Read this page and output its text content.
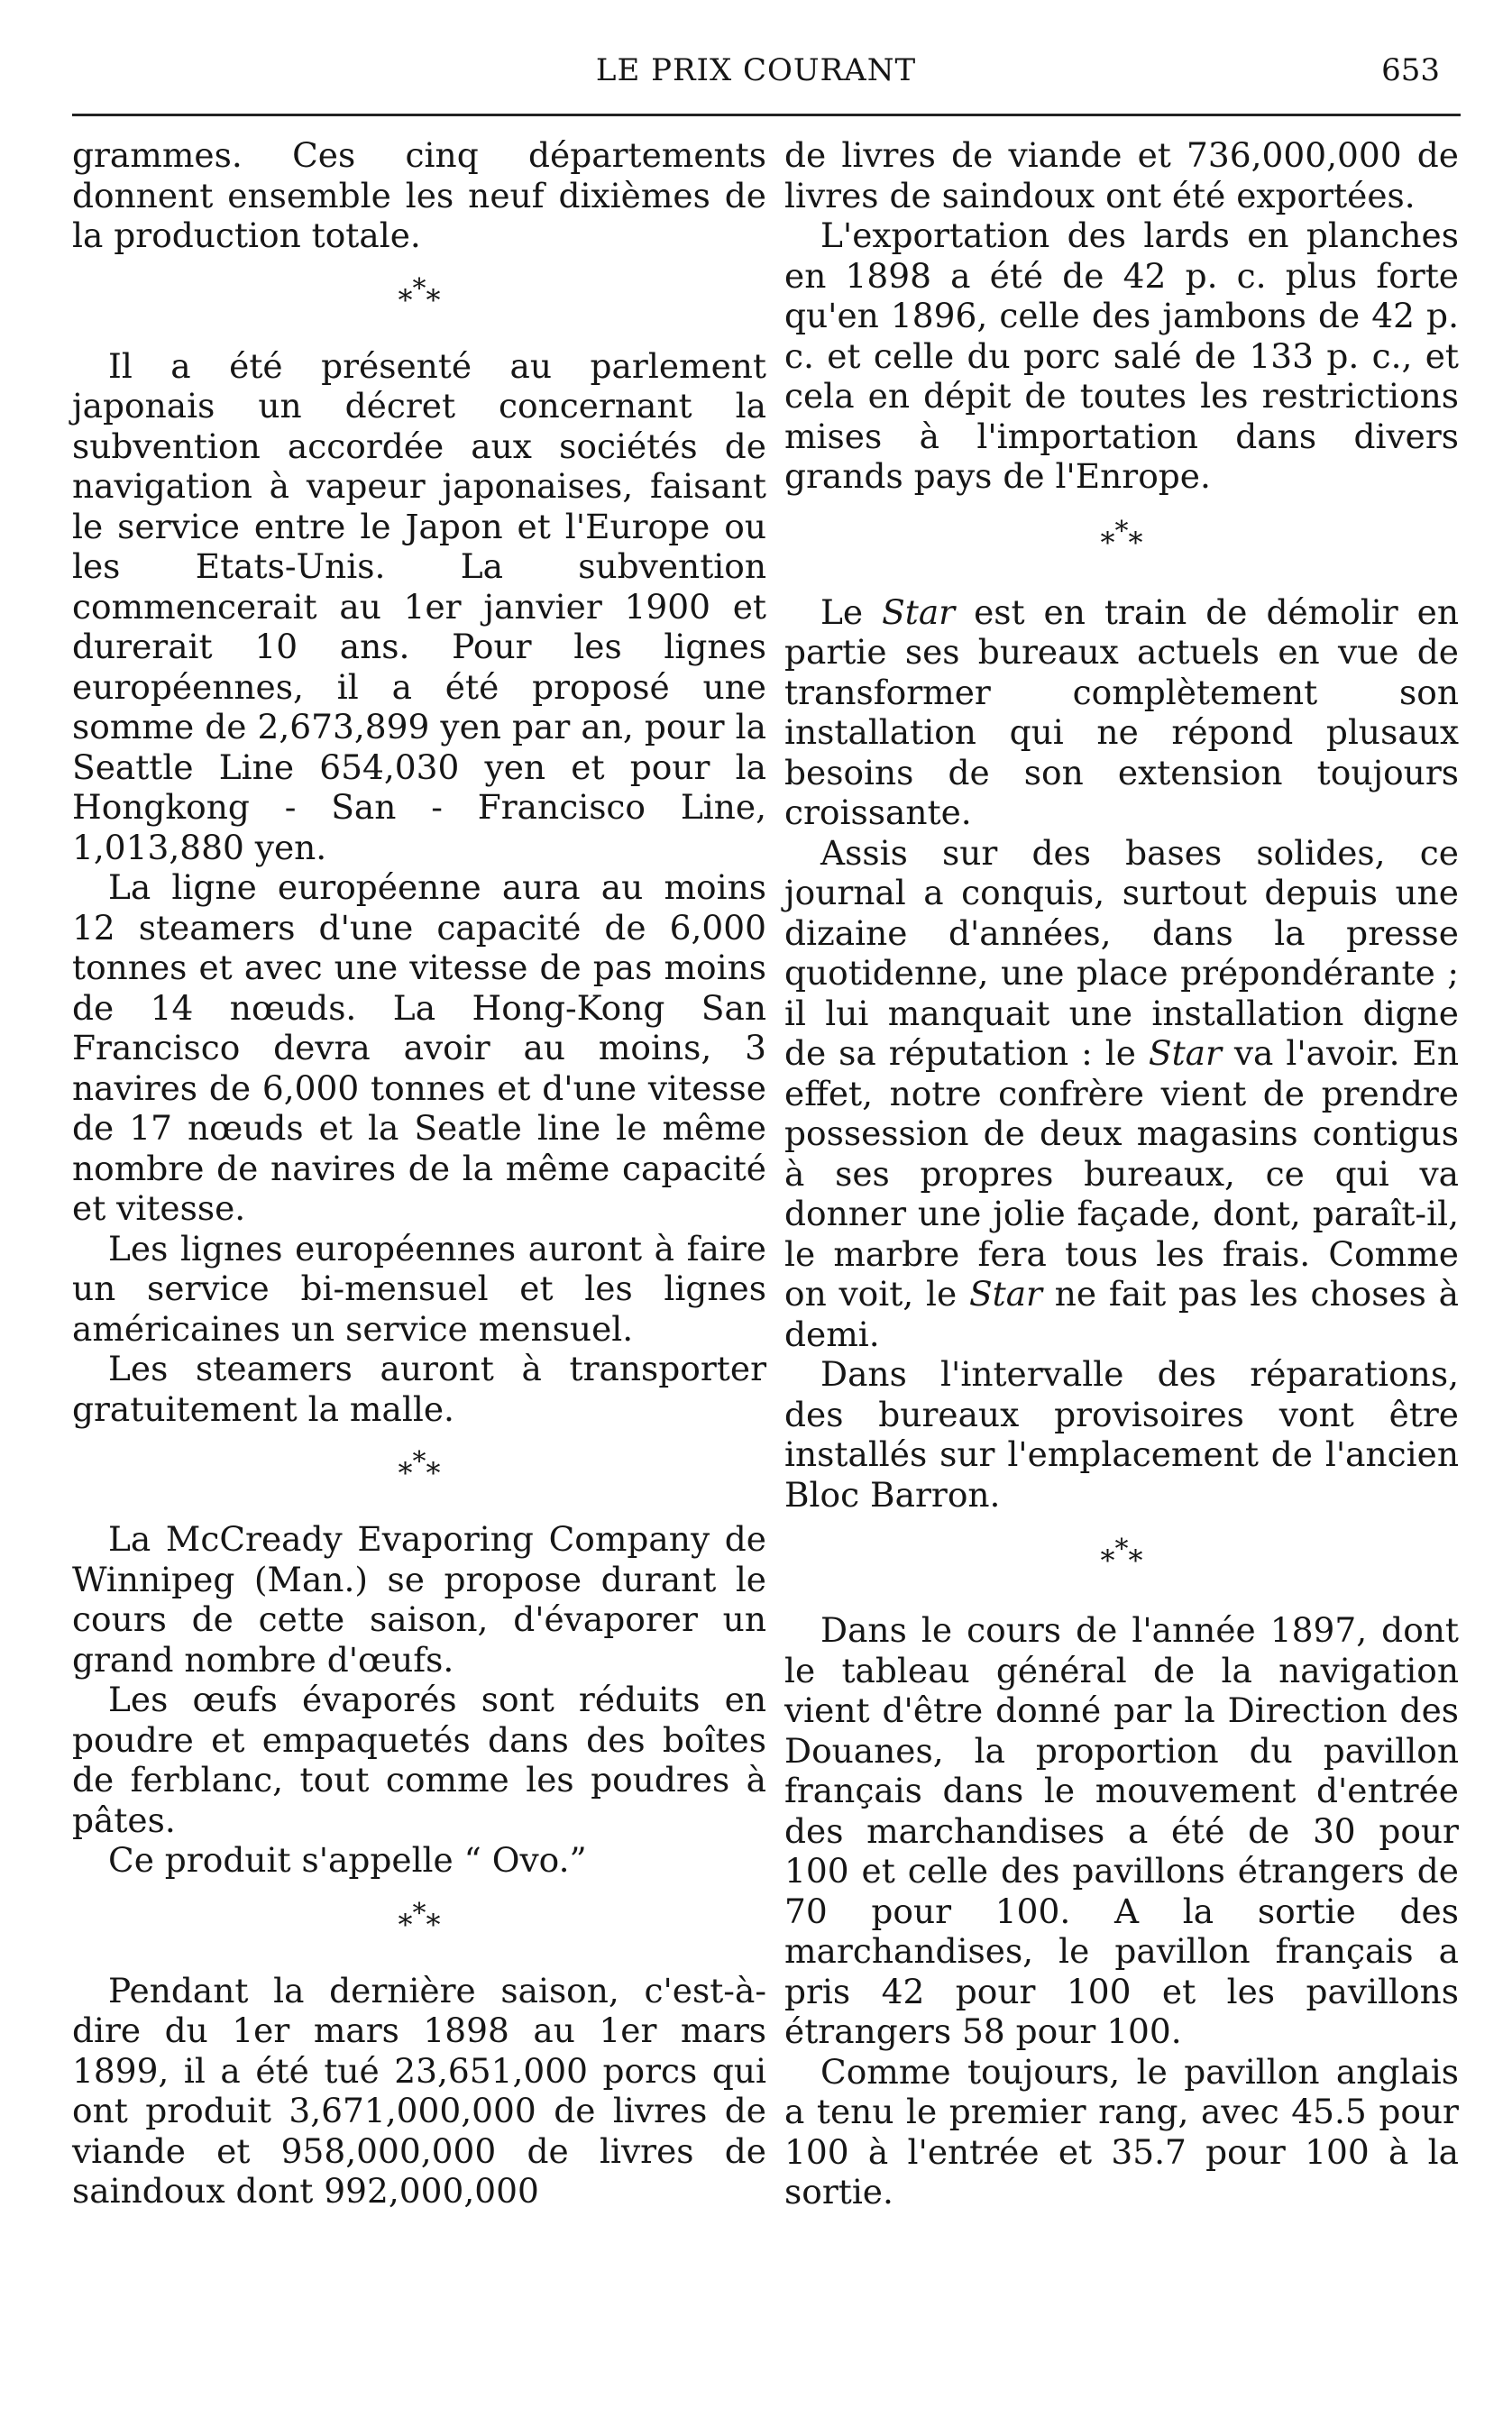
LE PRIX COURANT	653

grammes. Ces cinq départements donnent ensemble les neuf dixièmes de la production totale.

***

Il a été présenté au parlement japonais un décret concernant la subvention accordée aux sociétés de navigation à vapeur japonaises, faisant le service entre le Japon et l'Europe ou les Etats-Unis. La subvention commencerait au 1er janvier 1900 et durerait 10 ans. Pour les lignes européennes, il a été proposé une somme de 2,673,899 yen par an, pour la Seattle Line 654,030 yen et pour la Hongkong - San - Francisco Line, 1,013,880 yen.

La ligne européenne aura au moins 12 steamers d'une capacité de 6,000 tonnes et avec une vitesse de pas moins de 14 nœuds. La Hong-Kong San Francisco devra avoir au moins, 3 navires de 6,000 tonnes et d'une vitesse de 17 nœuds et la Seatle line le même nombre de navires de la même capacité et vitesse.

Les lignes européennes auront à faire un service bi-mensuel et les lignes américaines un service mensuel.

Les steamers auront à transporter gratuitement la malle.

***

La McCready Evaporing Company de Winnipeg (Man.) se propose durant le cours de cette saison, d'évaporer un grand nombre d'œufs.

Les œufs évaporés sont réduits en poudre et empaquetés dans des boîtes de ferblanc, tout comme les poudres à pâtes.

Ce produit s'appelle “ Ovo.”

***

Pendant la dernière saison, c'est-à-dire du 1er mars 1898 au 1er mars 1899, il a été tué 23,651,000 porcs qui ont produit 3,671,000,000 de livres de viande et 958,000,000 de livres de saindoux dont 992,000,000

de livres de viande et 736,000,000 de livres de saindoux ont été exportées.

L'exportation des lards en planches en 1898 a été de 42 p. c. plus forte qu'en 1896, celle des jambons de 42 p. c. et celle du porc salé de 133 p. c., et cela en dépit de toutes les restrictions mises à l'importation dans divers grands pays de l'Enrope.

***

Le Star est en train de démolir en partie ses bureaux actuels en vue de transformer complètement son installation qui ne répond plusaux besoins de son extension toujours croissante.

Assis sur des bases solides, ce journal a conquis, surtout depuis une dizaine d'années, dans la presse quotidenne, une place prépondérante ; il lui manquait une installation digne de sa réputation : le Star va l'avoir. En effet, notre confrère vient de prendre possession de deux magasins contigus à ses propres bureaux, ce qui va donner une jolie façade, dont, paraît-il, le marbre fera tous les frais. Comme on voit, le Star ne fait pas les choses à demi.

Dans l'intervalle des réparations, des bureaux provisoires vont être installés sur l'emplacement de l'ancien Bloc Barron.

***

Dans le cours de l'année 1897, dont le tableau général de la navigation vient d'être donné par la Direction des Douanes, la proportion du pavillon français dans le mouvement d'entrée des marchandises a été de 30 pour 100 et celle des pavillons étrangers de 70 pour 100. A la sortie des marchandises, le pavillon français a pris 42 pour 100 et les pavillons étrangers 58 pour 100.

Comme toujours, le pavillon anglais a tenu le premier rang, avec 45.5 pour 100 à l'entrée et 35.7 pour 100 à la sortie.
